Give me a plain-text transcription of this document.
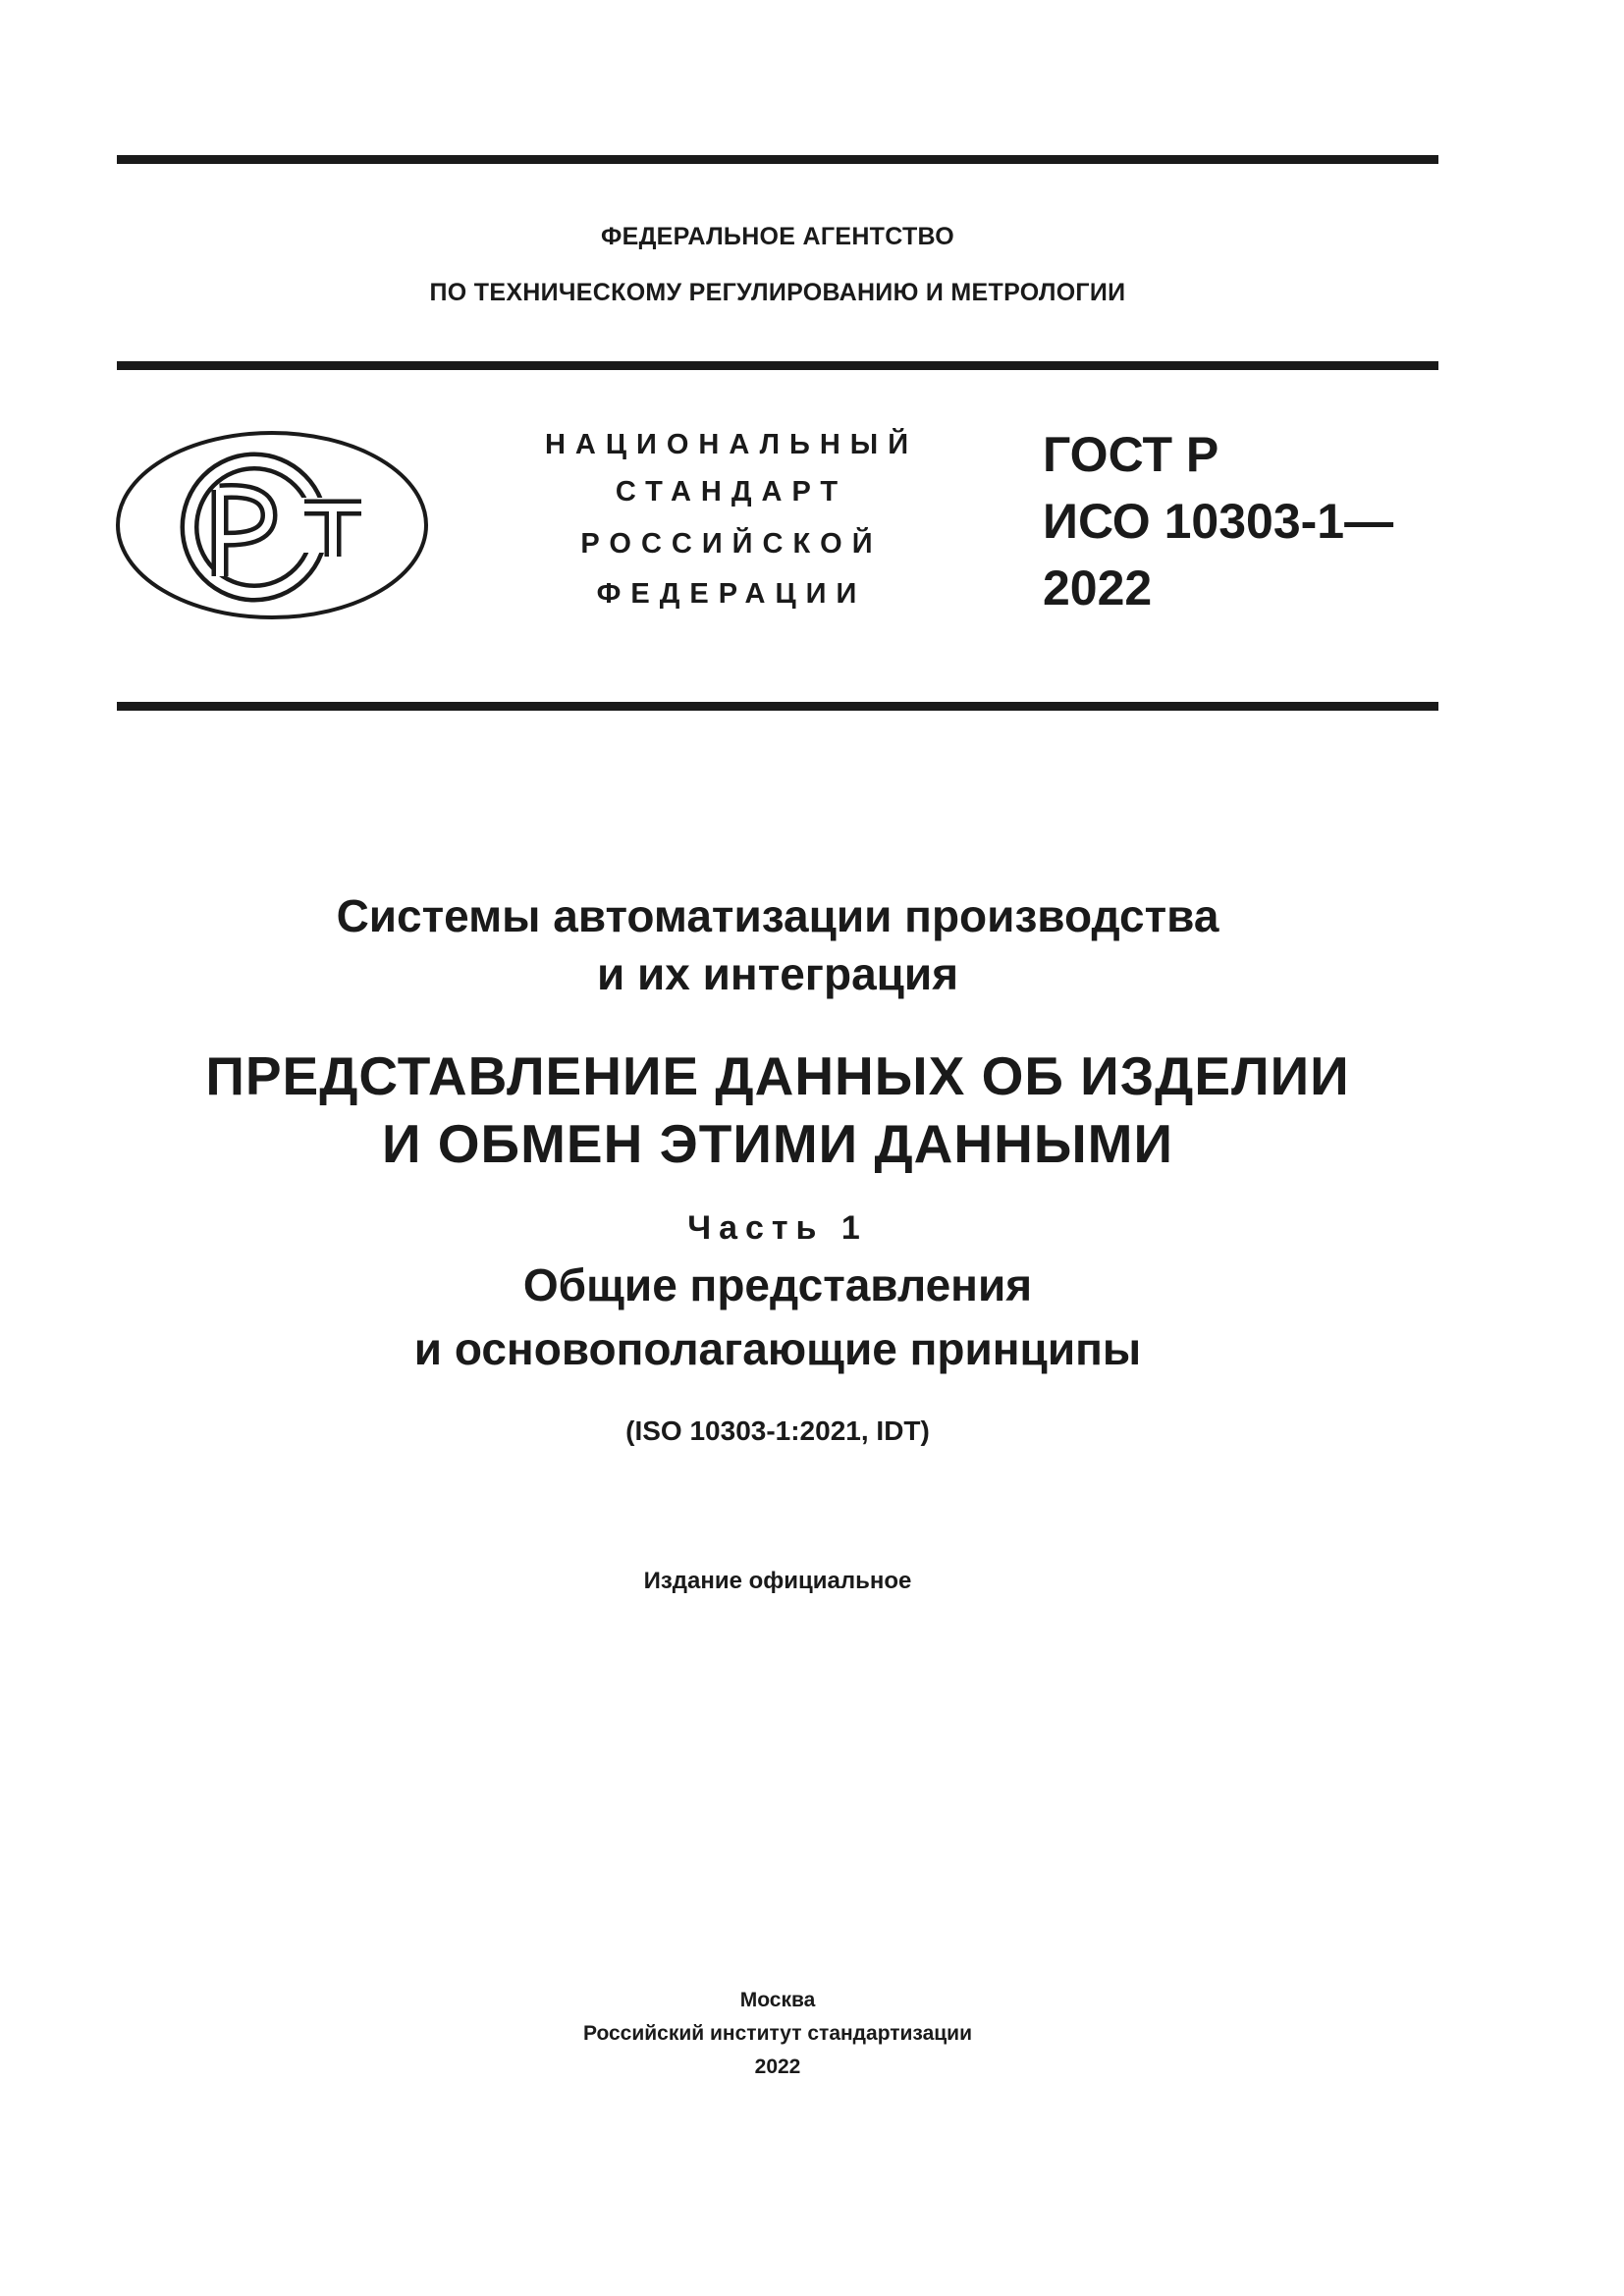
ФЕДЕРАЛЬНОЕ АГЕНТСТВО
ПО ТЕХНИЧЕСКОМУ РЕГУЛИРОВАНИЮ И МЕТРОЛОГИИ
НАЦИОНАЛЬНЫЙ
СТАНДАРТ
РОССИЙСКОЙ
ФЕДЕРАЦИИ
ГОСТ Р
ИСО 10303-1—
2022
Системы автоматизации производства
и их интеграция
ПРЕДСТАВЛЕНИЕ ДАННЫХ ОБ ИЗДЕЛИИ
И ОБМЕН ЭТИМИ ДАННЫМИ
Часть 1
Общие представления
и основополагающие принципы
(ISO 10303-1:2021, IDT)
Издание официальное
Москва
Российский институт стандартизации
2022
